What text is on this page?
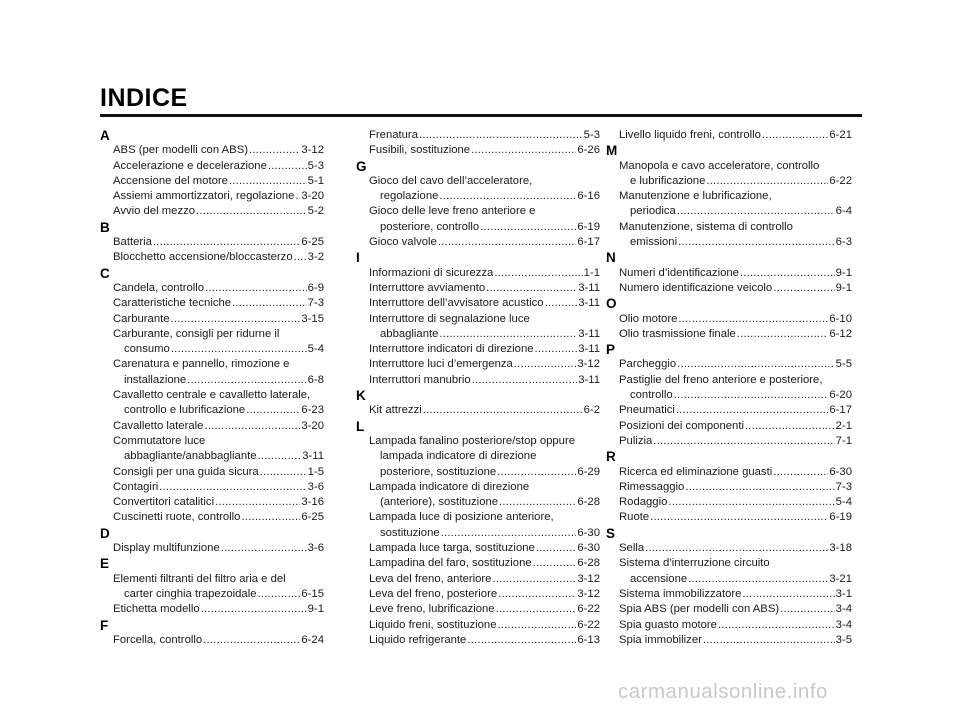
INDICE
A
ABS (per modelli con ABS) .....	3-12
Accelerazione e decelerazione .....	5-3
Accensione del motore .....	5-1
Assiemi ammortizzatori, regolazione ..... 3-20
Avvio del mezzo .....	5-2
B
Batteria .....	6-25
Blocchetto accensione/bloccasterzo ..... 3-2
C
Candela, controllo .....	6-9
Caratteristiche tecniche .....	7-3
Carburante .....	3-15
Carburante, consigli per ridurne il
consumo .....	5-4
Carenatura e pannello, rimozione e
installazione .....	6-8
Cavalletto centrale e cavalletto laterale,
controllo e lubrificazione .....	6-23
Cavalletto laterale .....	3-20
Commutatore luce
abbagliante/anabbagliante .....	3-11
Consigli per una guida sicura .....	1-5
Contagiri .....	3-6
Convertitori catalitici .....	3-16
Cuscinetti ruote, controllo .....	6-25
D
Display multifunzione .....	3-6
E
Elementi filtranti del filtro aria e del
carter cinghia trapezoidale .....	6-15
Etichetta modello .....	9-1
F
Forcella, controllo .....	6-24
Frenatura .....	5-3
Fusibili, sostituzione .....	6-26
G
Gioco del cavo dell’acceleratore,
regolazione .....	6-16
Gioco delle leve freno anteriore e
posteriore, controllo .....	6-19
Gioco valvole .....	6-17
I
Informazioni di sicurezza .....	1-1
Interruttore avviamento .....	3-11
Interruttore dell’avvisatore acustico .....	3-11
Interruttore di segnalazione luce
abbagliante .....	3-11
Interruttore indicatori di direzione .....	3-11
Interruttore luci d’emergenza .....	3-12
Interruttori manubrio .....	3-11
K
Kit attrezzi .....	6-2
L
Lampada fanalino posteriore/stop oppure
lampada indicatore di direzione
posteriore, sostituzione .....	6-29
Lampada indicatore di direzione
(anteriore), sostituzione .....	6-28
Lampada luce di posizione anteriore,
sostituzione .....	6-30
Lampada luce targa, sostituzione .....	6-30
Lampadina del faro, sostituzione .....	6-28
Leva del freno, anteriore .....	3-12
Leva del freno, posteriore .....	3-12
Leve freno, lubrificazione .....	6-22
Liquido freni, sostituzione .....	6-22
Liquido refrigerante .....	6-13
Livello liquido freni, controllo .....	6-21
M
Manopola e cavo acceleratore, controllo
e lubrificazione .....	6-22
Manutenzione e lubrificazione,
periodica .....	6-4
Manutenzione, sistema di controllo
emissioni .....	6-3
N
Numeri d’identificazione .....	9-1
Numero identificazione veicolo .....	9-1
O
Olio motore .....	6-10
Olio trasmissione finale .....	6-12
P
Parcheggio .....	5-5
Pastiglie del freno anteriore e posteriore,
controllo .....	6-20
Pneumatici .....	6-17
Posizioni dei componenti .....	2-1
Pulizia .....	7-1
R
Ricerca ed eliminazione guasti .....	6-30
Rimessaggio .....	7-3
Rodaggio .....	5-4
Ruote .....	6-19
S
Sella .....	3-18
Sistema d’interruzione circuito
accensione .....	3-21
Sistema immobilizzatore .....	3-1
Spia ABS (per modelli con ABS) .....	3-4
Spia guasto motore .....	3-4
Spia immobilizer .....	3-5
carmanualsonline.info
